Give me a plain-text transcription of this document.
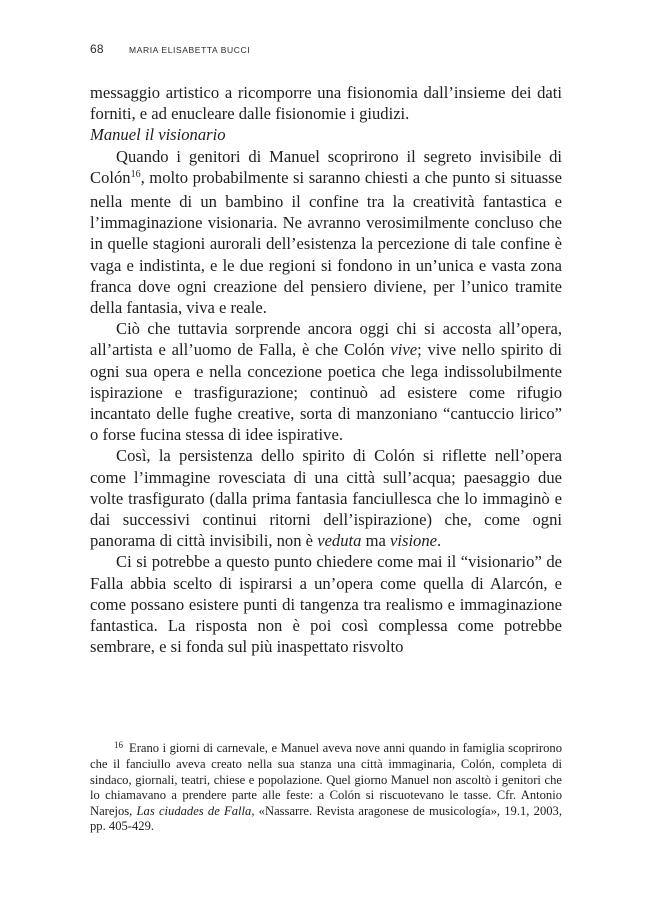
68	MARIA ELISABETTA BUCCI

messaggio artistico a ricomporre una fisionomia dall’insieme dei dati forniti, e ad enucleare dalle fisionomie i giudizi.

Manuel il visionario

Quando i genitori di Manuel scoprirono il segreto invisibile di Colón$^{16}$, molto probabilmente si saranno chiesti a che punto si situasse nella mente di un bambino il confine tra la creatività fantastica e l’immaginazione visionaria. Ne avranno verosimilmente concluso che in quelle stagioni aurorali dell’esistenza la percezione di tale confine è vaga e indistinta, e le due regioni si fondono in un’unica e vasta zona franca dove ogni creazione del pensiero diviene, per l’unico tramite della fantasia, viva e reale.

Ciò che tuttavia sorprende ancora oggi chi si accosta all’opera, all’artista e all’uomo de Falla, è che Colón vive; vive nello spirito di ogni sua opera e nella concezione poetica che lega indissolubilmente ispirazione e trasfigurazione; continuò ad esistere come rifugio incantato delle fughe creative, sorta di manzoniano “cantuccio lirico” o forse fucina stessa di idee ispirative.

Così, la persistenza dello spirito di Colón si riflette nell’opera come l’immagine rovesciata di una città sull’acqua; paesaggio due volte trasfigurato (dalla prima fantasia fanciullesca che lo immaginò e dai successivi continui ritorni dell’ispirazione) che, come ogni panorama di città invisibili, non è veduta ma visione.

Ci si potrebbe a questo punto chiedere come mai il “visionario” de Falla abbia scelto di ispirarsi a un’opera come quella di Alarcón, e come possano esistere punti di tangenza tra realismo e immaginazione fantastica. La risposta non è poi così complessa come potrebbe sembrare, e si fonda sul più inaspettato risvolto

$^{16}$ Erano i giorni di carnevale, e Manuel aveva nove anni quando in famiglia scoprirono che il fanciullo aveva creato nella sua stanza una città immaginaria, Colón, completa di sindaco, giornali, teatri, chiese e popolazione. Quel giorno Manuel non ascoltò i genitori che lo chiamavano a prendere parte alle feste: a Colón si riscuotevano le tasse. Cfr. Antonio Narejos, Las ciudades de Falla, «Nassarre. Revista aragonese de musicología», 19.1, 2003, pp. 405-429.
